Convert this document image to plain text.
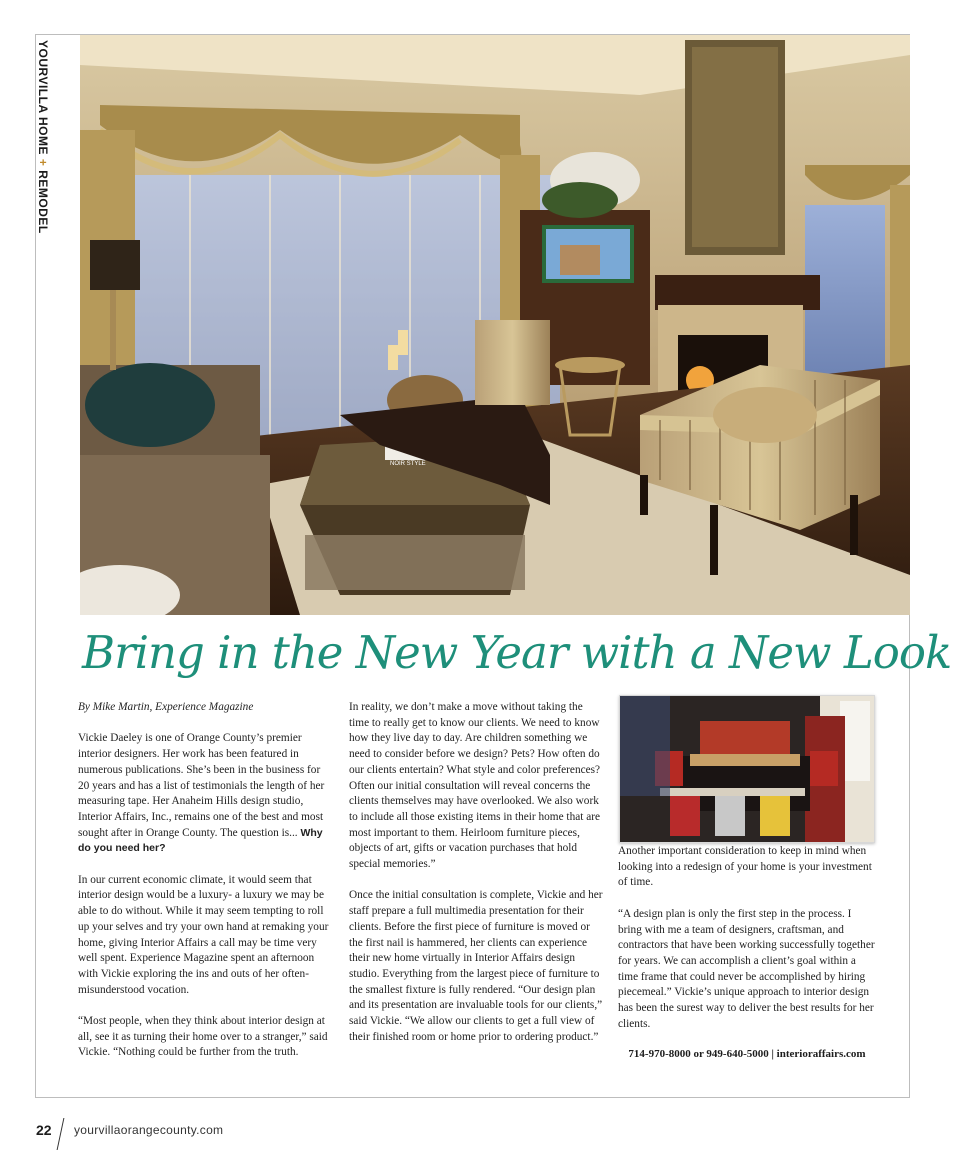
YOURVILLA HOME + REMODEL
NOIR STYLE
Bring in the New Year with a New Look

By Mike Martin, Experience Magazine

Vickie Daeley is one of Orange County’s premier interior designers. Her work has been featured in numerous publications. She’s been in the business for 20 years and has a list of testimonials the length of her measuring tape. Her Anaheim Hills design studio, Interior Affairs, Inc., remains one of the best and most sought after in Orange County. The question is... Why do you need her?

In our current economic climate, it would seem that interior design would be a luxury- a luxury we may be able to do without. While it may seem tempting to roll up your selves and try your own hand at remaking your home, giving Interior Affairs a call may be time very well spent. Experience Magazine spent an afternoon with Vickie exploring the ins and outs of her often-misunderstood vocation.

“Most people, when they think about interior design at all, see it as turning their home over to a stranger,” said Vickie. “Nothing could be further from the truth.

In reality, we don’t make a move without taking the time to really get to know our clients. We need to know how they live day to day. Are children something we need to consider before we design? Pets? How often do our clients entertain? What style and color preferences? Often our initial consultation will reveal concerns the clients themselves may have overlooked. We also work to include all those existing items in their home that are most important to them. Heirloom furniture pieces, objects of art, gifts or vacation purchases that hold special memories.”

Once the initial consultation is complete, Vickie and her staff prepare a full multimedia presentation for their clients. Before the first piece of furniture is moved or the first nail is hammered, her clients can experience their new home virtually in Interior Affairs design studio. Everything from the largest piece of furniture to the smallest fixture is fully rendered. “Our design plan and its presentation are invaluable tools for our clients,” said Vickie. “We allow our clients to get a full view of their finished room or home prior to ordering product.”

Another important consideration to keep in mind when looking into a redesign of your home is your investment of time.

“A design plan is only the first step in the process. I bring with me a team of designers, craftsman, and contractors that have been working successfully together for years. We can accomplish a client’s goal within a time frame that could never be accomplished by hiring piecemeal.” Vickie’s unique approach to interior design has been the surest way to deliver the best results for her clients.

714-970-8000 or 949-640-5000 | interioraffairs.com
22 yourvillaorangecounty.com
